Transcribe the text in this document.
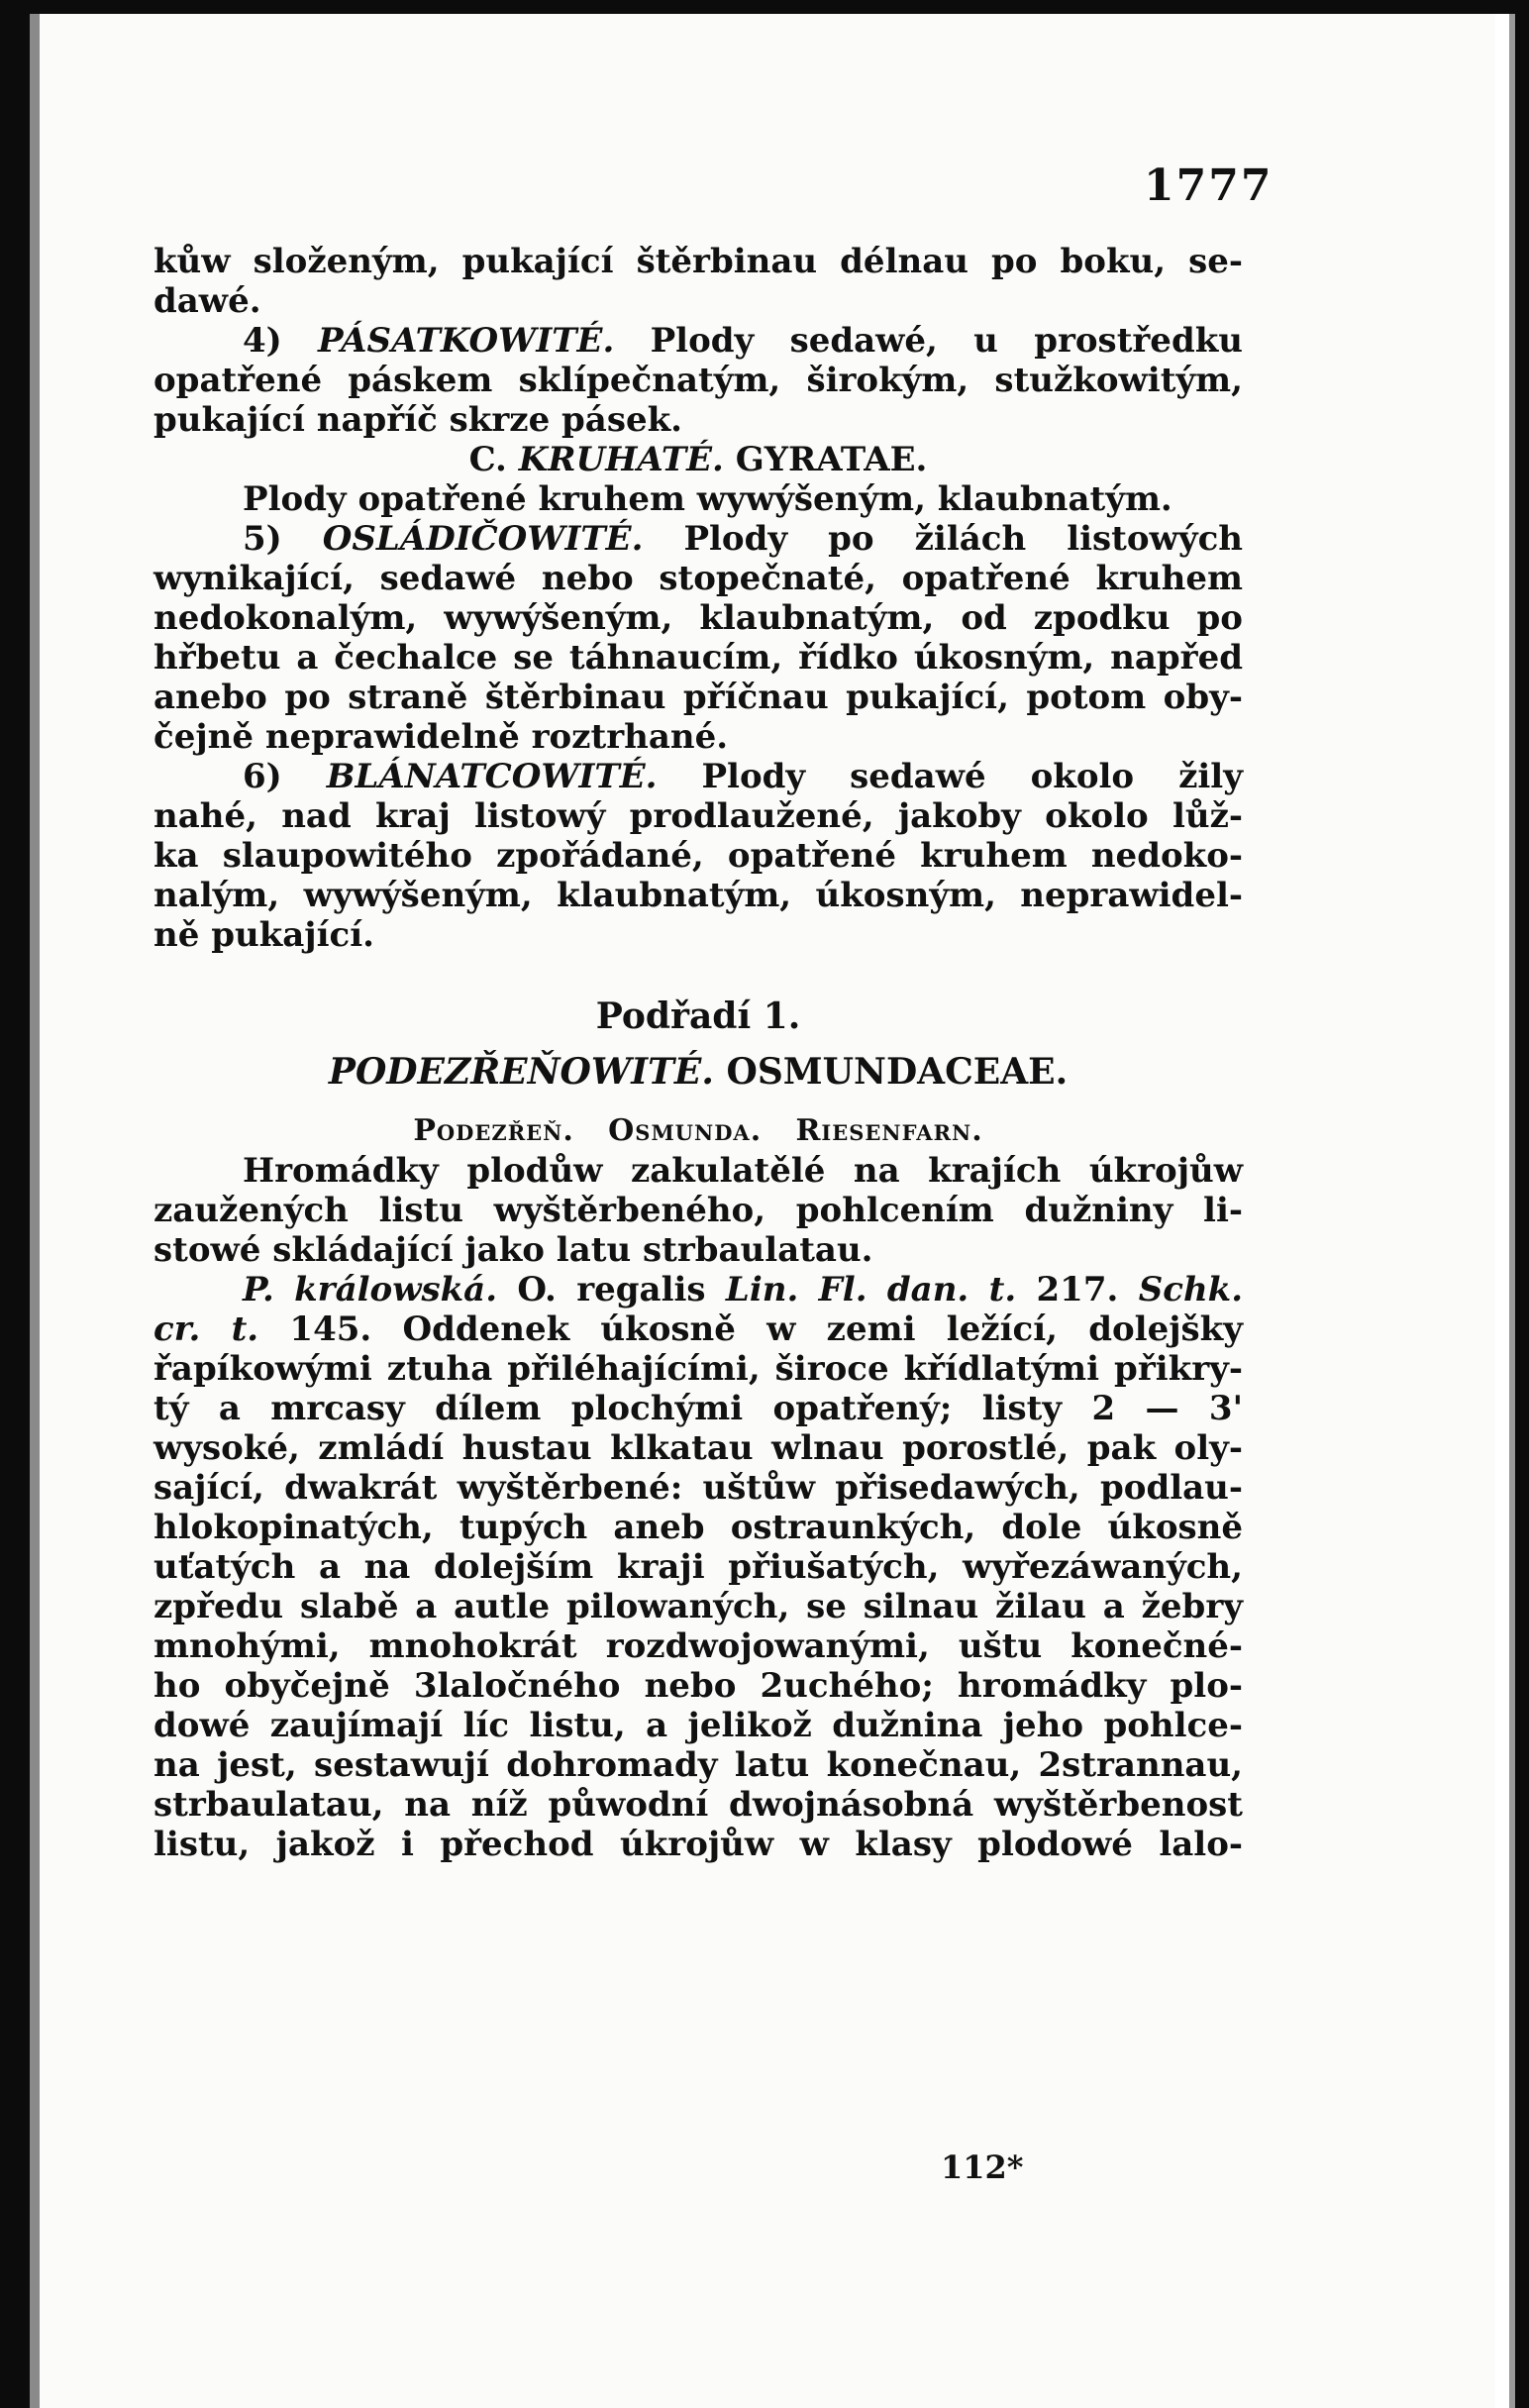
1777
kůw složeným, pukající štěrbinau délnau po boku, se-
dawé.
4) PÁSATKOWITÉ. Plody sedawé, u prostředku
opatřené páskem sklípečnatým, širokým, stužkowitým,
pukající napříč skrze pásek.
C. KRUHATÉ. GYRATAE.
Plody opatřené kruhem wywýšeným, klaubnatým.
5) OSLÁDIČOWITÉ. Plody po žilách listowých
wynikající, sedawé nebo stopečnaté, opatřené kruhem
nedokonalým, wywýšeným, klaubnatým, od zpodku po
hřbetu a čechalce se táhnaucím, řídko úkosným, napřed
anebo po straně štěrbinau příčnau pukající, potom oby-
čejně neprawidelně roztrhané.
6) BLÁNATCOWITÉ. Plody sedawé okolo žily
nahé, nad kraj listowý prodlaužené, jakoby okolo lůž-
ka slaupowitého zpořádané, opatřené kruhem nedoko-
nalým, wywýšeným, klaubnatým, úkosným, neprawidel-
ně pukající.
Podřadí 1.
PODEZŘEŇOWITÉ. OSMUNDACEAE.
Podezřeň.   Osmunda.   Riesenfarn.
Hromádky plodůw zakulatělé na krajích úkrojůw
zaužených listu wyštěrbeného, pohlcením dužniny li-
stowé skládající jako latu strbaulatau.
P. králowská. O. regalis Lin. Fl. dan. t. 217. Schk.
cr. t. 145. Oddenek úkosně w zemi ležící, dolejšky
řapíkowými ztuha přiléhajícími, široce křídlatými přikry-
tý a mrcasy dílem plochými opatřený; listy 2 — 3'
wysoké, zmládí hustau klkatau wlnau porostlé, pak oly-
sající, dwakrát wyštěrbené: uštůw přisedawých, podlau-
hlokopinatých, tupých aneb ostraunkých, dole úkosně
uťatých a na dolejším kraji přiušatých, wyřezáwaných,
zpředu slabě a autle pilowaných, se silnau žilau a žebry
mnohými, mnohokrát rozdwojowanými, uštu konečné-
ho obyčejně 3laločného nebo 2uchého; hromádky plo-
dowé zaujímají líc listu, a jelikož dužnina jeho pohlce-
na jest, sestawují dohromady latu konečnau, 2strannau,
strbaulatau, na níž půwodní dwojnásobná wyštěrbenost
listu, jakož i přechod úkrojůw w klasy plodowé lalo-
112*
